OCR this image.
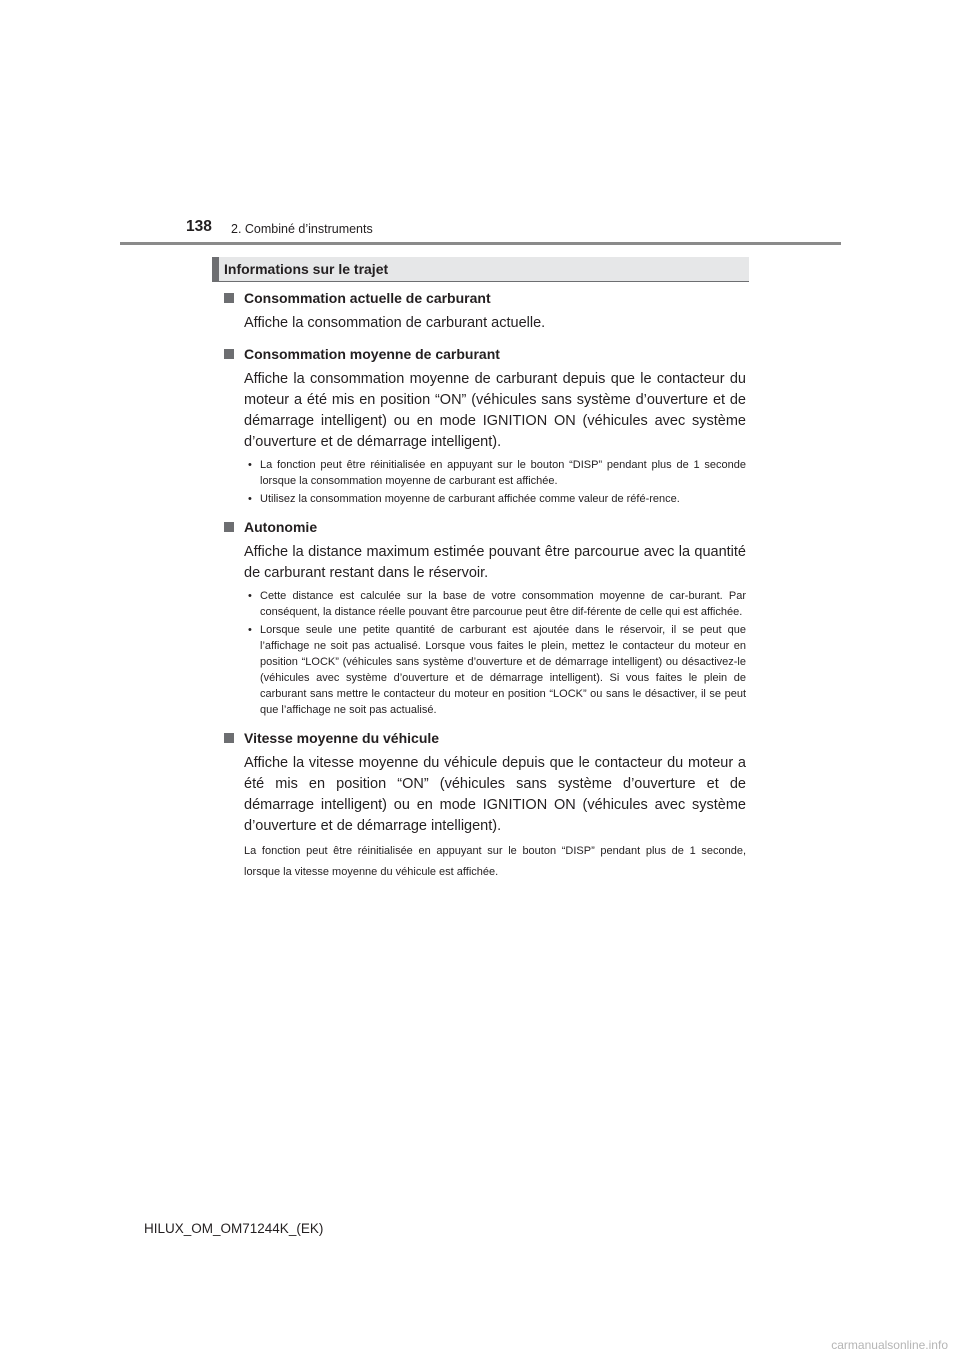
138 2. Combiné d’instruments
Informations sur le trajet
Consommation actuelle de carburant
Affiche la consommation de carburant actuelle.
Consommation moyenne de carburant
Affiche la consommation moyenne de carburant depuis que le contacteur du moteur a été mis en position “ON” (véhicules sans système d’ouverture et de démarrage intelligent) ou en mode IGNITION ON (véhicules avec système d’ouverture et de démarrage intelligent).
• La fonction peut être réinitialisée en appuyant sur le bouton “DISP” pendant plus de 1 seconde lorsque la consommation moyenne de carburant est affichée.
• Utilisez la consommation moyenne de carburant affichée comme valeur de réfé-rence.
Autonomie
Affiche la distance maximum estimée pouvant être parcourue avec la quantité de carburant restant dans le réservoir.
• Cette distance est calculée sur la base de votre consommation moyenne de car-burant. Par conséquent, la distance réelle pouvant être parcourue peut être dif-férente de celle qui est affichée.
• Lorsque seule une petite quantité de carburant est ajoutée dans le réservoir, il se peut que l’affichage ne soit pas actualisé. Lorsque vous faites le plein, mettez le contacteur du moteur en position “LOCK” (véhicules sans système d’ouverture et de démarrage intelligent) ou désactivez-le (véhicules avec système d’ouverture et de démarrage intelligent). Si vous faites le plein de carburant sans mettre le contacteur du moteur en position “LOCK” ou sans le désactiver, il se peut que l’affichage ne soit pas actualisé.
Vitesse moyenne du véhicule
Affiche la vitesse moyenne du véhicule depuis que le contacteur du moteur a été mis en position “ON” (véhicules sans système d’ouverture et de démarrage intelligent) ou en mode IGNITION ON (véhicules avec système d’ouverture et de démarrage intelligent).
La fonction peut être réinitialisée en appuyant sur le bouton “DISP” pendant plus de 1 seconde, lorsque la vitesse moyenne du véhicule est affichée.
HILUX_OM_OM71244K_(EK)
carmanualsonline.info
